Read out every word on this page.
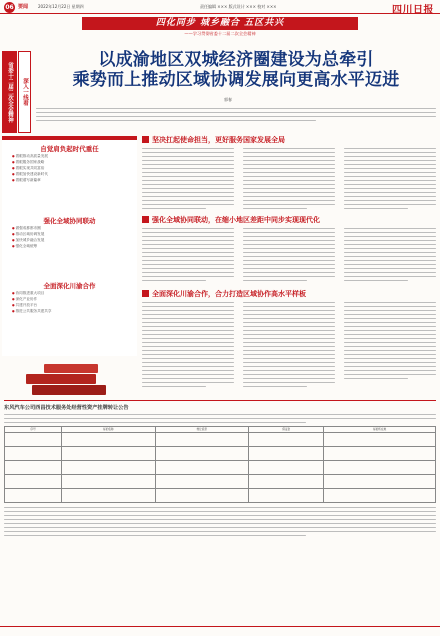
06 要闻 2022年12月22日 星期四	责任编辑 ××× 版式设计 ××× 校对 ×××	四川日报
四化同步 城乡融合 五区共兴
——学习贯彻省委十二届二次全会精神
省委十二届二次全会精神	深入一线看
以成渝地区双城经济圈建设为总牵引
乘势而上推动区域协调发展向更高水平迈进
郭春
自觉肩负起时代重任
● 着眼推动高质量发展
● 着眼服务国家战略
● 着眼实现共同富裕
● 着眼加快建设新时代
● 着眼谱写新篇章
强化全域协同联动
● 做强成都都市圈
● 推动区域协调发展
● 加快城乡融合发展
● 强化全域统筹
全面深化川渝合作
● 协同推进重大项目
● 深化产业协作
● 共建开放平台
● 推进公共服务共建共享
坚决扛起使命担当，更好服务国家发展全局
强化全域协同联动，在缩小地区差距中同步实现现代化
全面深化川渝合作，合力打造区域协作高水平样板
东风汽车公司西昌技术服务处经营性资产挂牌转让公告
序号	标的名称	转让底价	保证金	标的所在地
